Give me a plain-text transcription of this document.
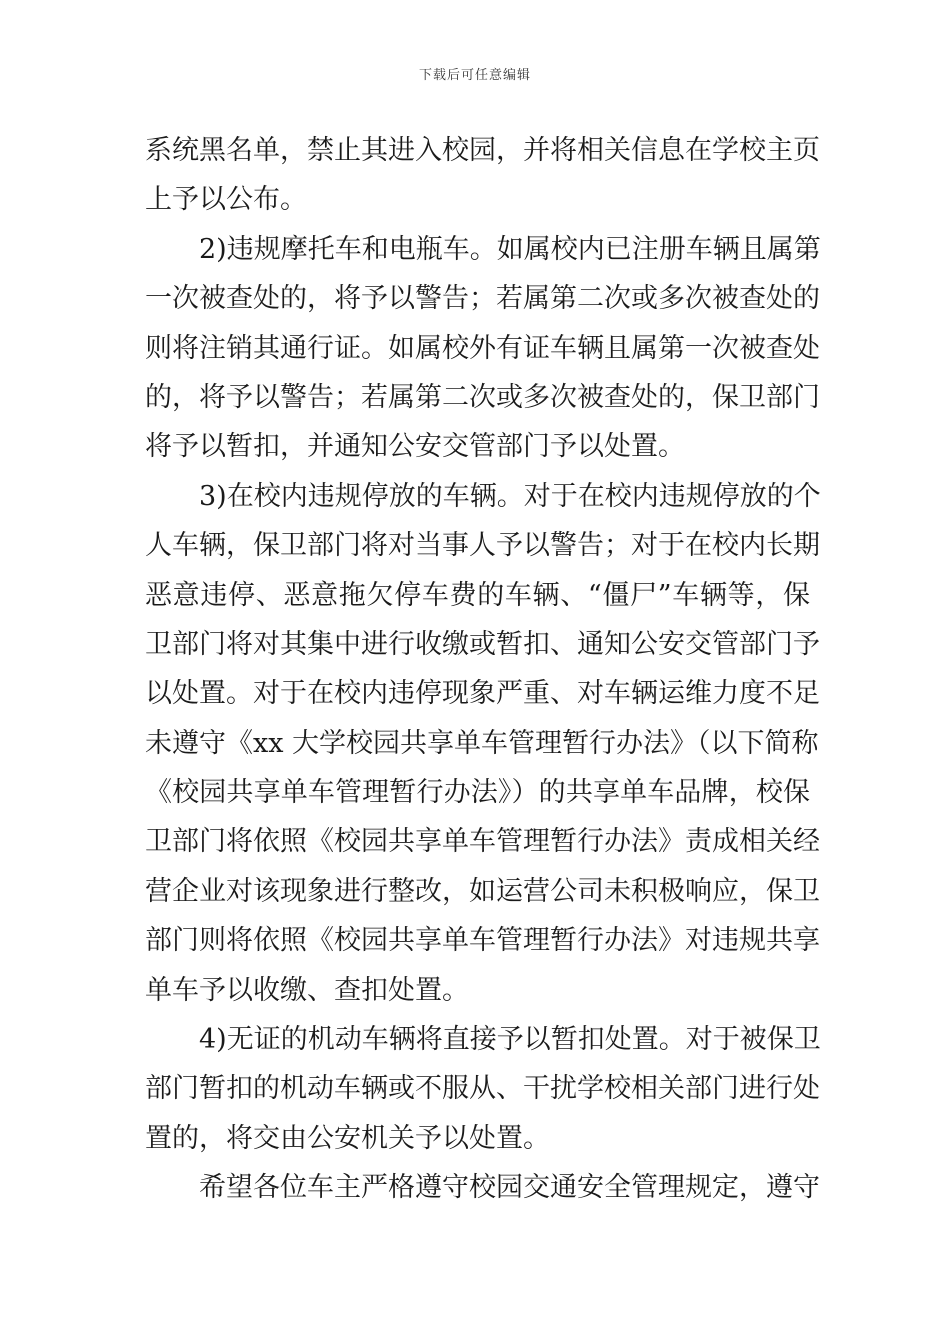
下载后可任意编辑
系统黑名单，禁止其进入校园，并将相关信息在学校主页
上予以公布。
2)违规摩托车和电瓶车。如属校内已注册车辆且属第
一次被查处的，将予以警告；若属第二次或多次被查处的
则将注销其通行证。如属校外有证车辆且属第一次被查处
的，将予以警告；若属第二次或多次被查处的，保卫部门
将予以暂扣，并通知公安交管部门予以处置。
3)在校内违规停放的车辆。对于在校内违规停放的个
人车辆，保卫部门将对当事人予以警告；对于在校内长期
恶意违停、恶意拖欠停车费的车辆、“僵尸”车辆等，保
卫部门将对其集中进行收缴或暂扣、通知公安交管部门予
以处置。对于在校内违停现象严重、对车辆运维力度不足
未遵守《xx 大学校园共享单车管理暂行办法》（以下简称
《校园共享单车管理暂行办法》）的共享单车品牌，校保
卫部门将依照《校园共享单车管理暂行办法》责成相关经
营企业对该现象进行整改，如运营公司未积极响应，保卫
部门则将依照《校园共享单车管理暂行办法》对违规共享
单车予以收缴、查扣处置。
4)无证的机动车辆将直接予以暂扣处置。对于被保卫
部门暂扣的机动车辆或不服从、干扰学校相关部门进行处
置的，将交由公安机关予以处置。
希望各位车主严格遵守校园交通安全管理规定，遵守
